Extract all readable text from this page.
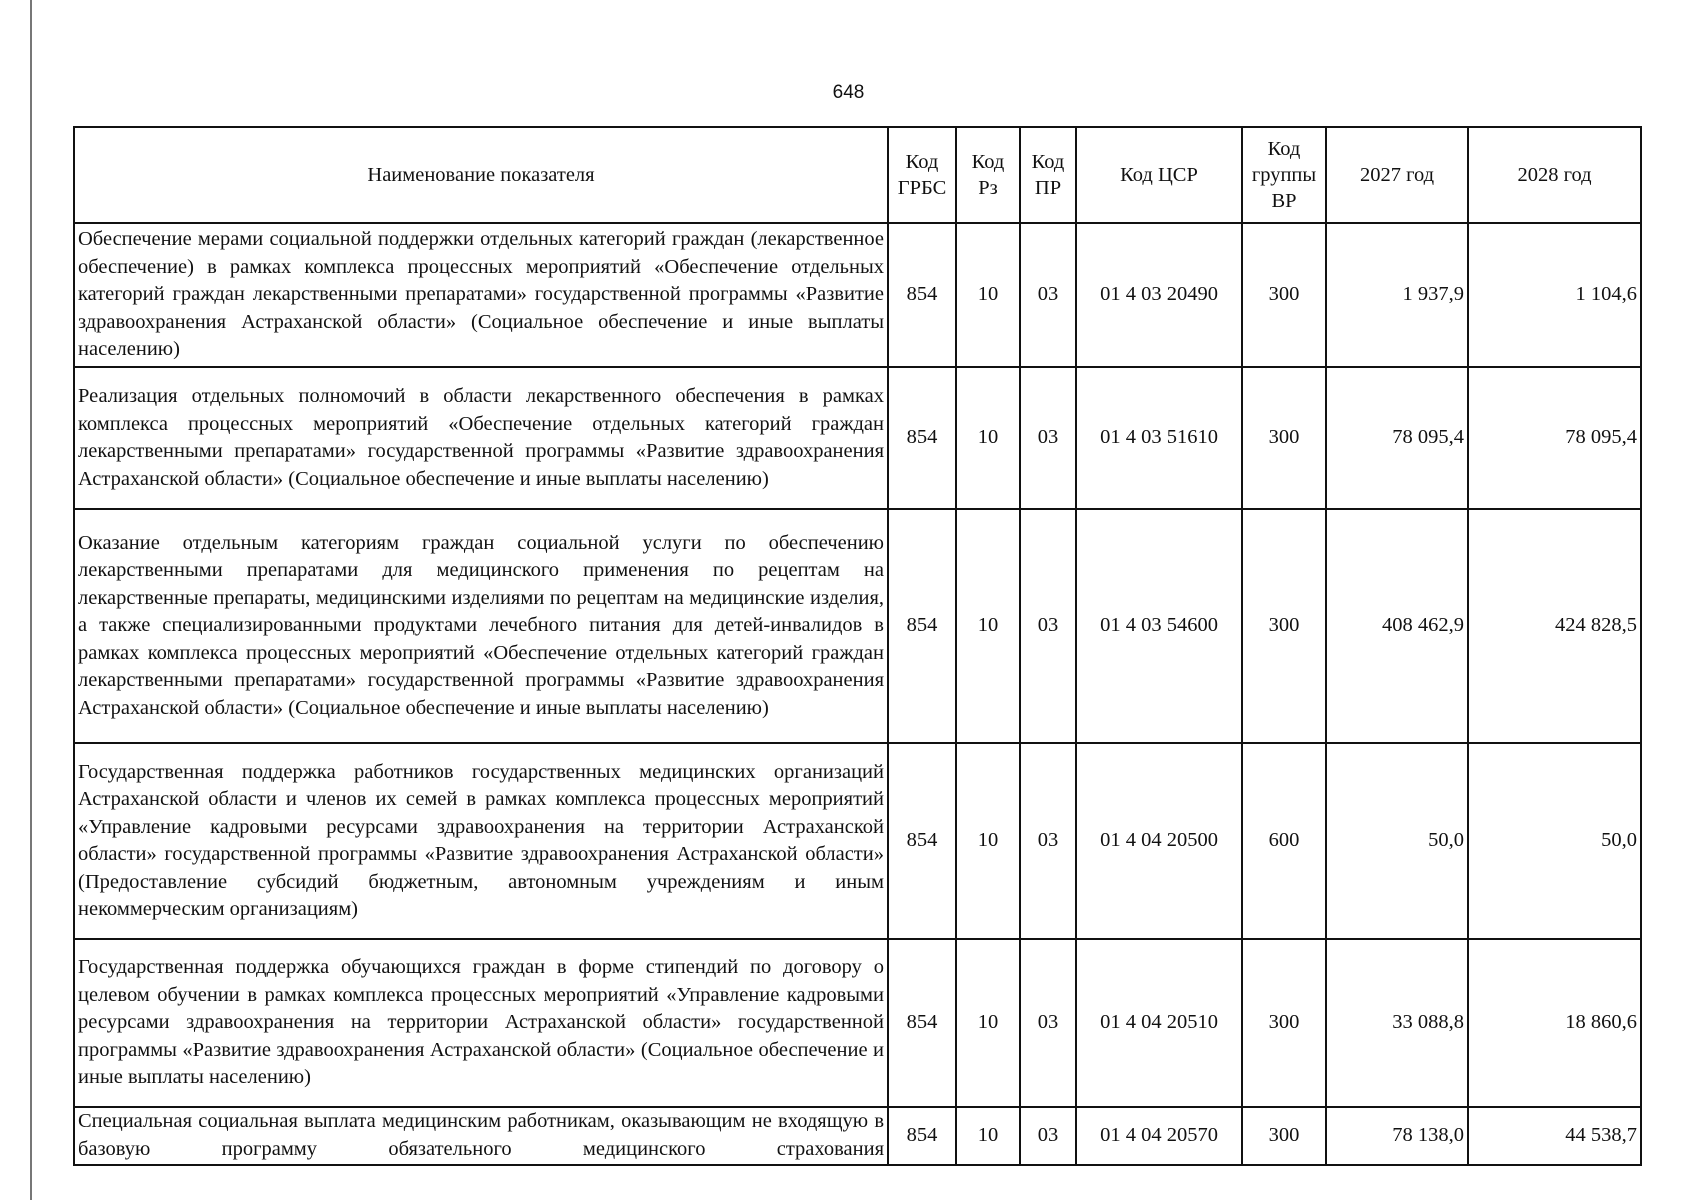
648
Наименование показателя	Код ГРБС	Код Рз	Код ПР	Код ЦСР	Код группы ВР	2027 год	2028 год
Обеспечение мерами социальной поддержки отдельных категорий граждан (лекарственное обеспечение) в рамках комплекса процессных мероприятий «Обеспечение отдельных категорий граждан лекарственными препаратами» государственной программы «Развитие здравоохранения Астраханской области» (Социальное обеспечение и иные выплаты населению)	854	10	03	01 4 03 20490	300	1 937,9	1 104,6
Реализация отдельных полномочий в области лекарственного обеспечения в рамках комплекса процессных мероприятий «Обеспечение отдельных категорий граждан лекарственными препаратами» государственной программы «Развитие здравоохранения Астраханской области» (Социальное обеспечение и иные выплаты населению)	854	10	03	01 4 03 51610	300	78 095,4	78 095,4
Оказание отдельным категориям граждан социальной услуги по обеспечению лекарственными препаратами для медицинского применения по рецептам на лекарственные препараты, медицинскими изделиями по рецептам на медицинские изделия, а также специализированными продуктами лечебного питания для детей-инвалидов в рамках комплекса процессных мероприятий «Обеспечение отдельных категорий граждан лекарственными препаратами» государственной программы «Развитие здравоохранения Астраханской области» (Социальное обеспечение и иные выплаты населению)	854	10	03	01 4 03 54600	300	408 462,9	424 828,5
Государственная поддержка работников государственных медицинских организаций Астраханской области и членов их семей в рамках комплекса процессных мероприятий «Управление кадровыми ресурсами здравоохранения на территории Астраханской области» государственной программы «Развитие здравоохранения Астраханской области» (Предоставление субсидий бюджетным, автономным учреждениям и иным некоммерческим организациям)	854	10	03	01 4 04 20500	600	50,0	50,0
Государственная поддержка обучающихся граждан в форме стипендий по договору о целевом обучении в рамках комплекса процессных мероприятий «Управление кадровыми ресурсами здравоохранения на территории Астраханской области» государственной программы «Развитие здравоохранения Астраханской области» (Социальное обеспечение и иные выплаты населению)	854	10	03	01 4 04 20510	300	33 088,8	18 860,6
Специальная социальная выплата медицинским работникам, оказывающим не входящую в базовую программу обязательного медицинского страхования	854	10	03	01 4 04 20570	300	78 138,0	44 538,7
